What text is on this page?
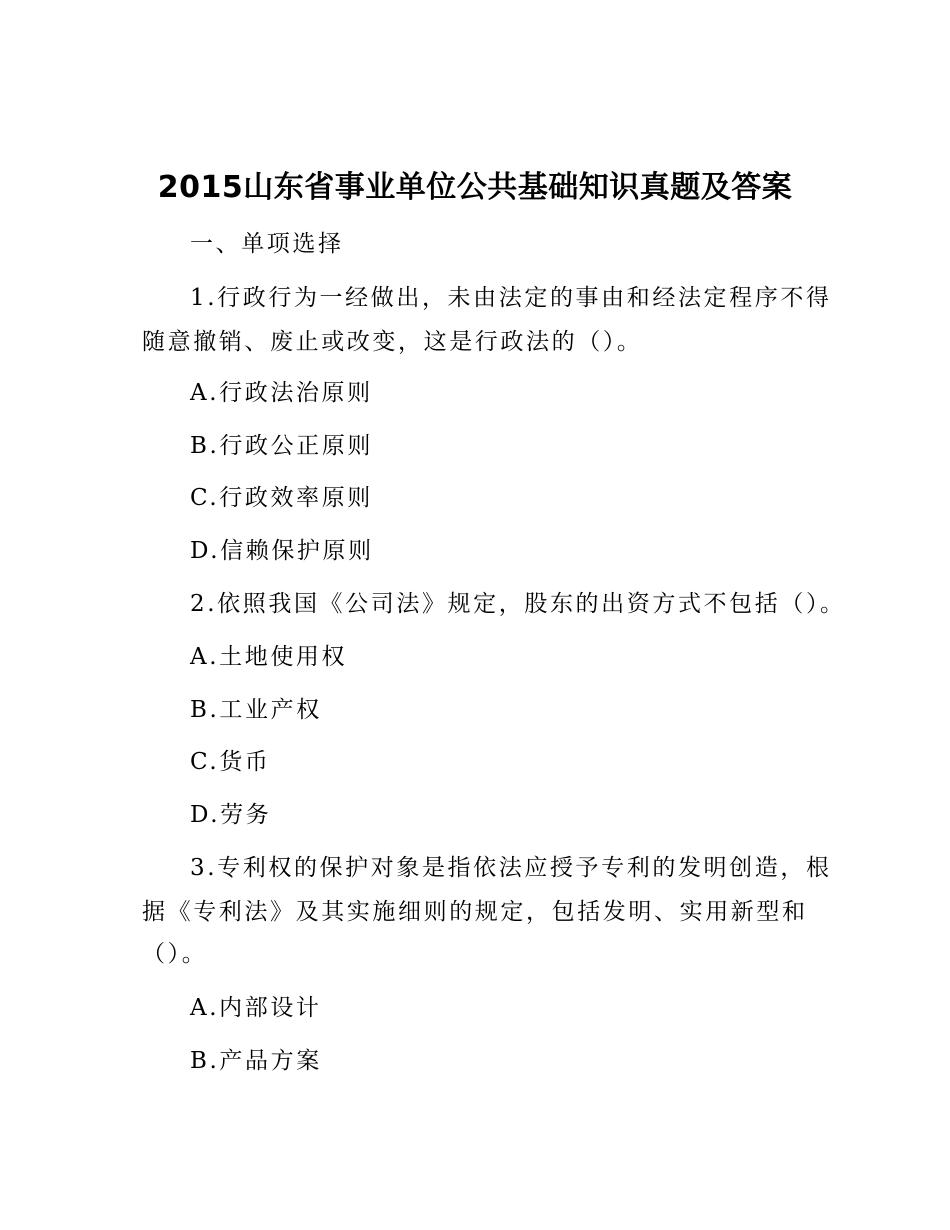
2015山东省事业单位公共基础知识真题及答案
一、单项选择
1.行政行为一经做出，未由法定的事由和经法定程序不得
随意撤销、废止或改变，这是行政法的（）。
A.行政法治原则
B.行政公正原则
C.行政效率原则
D.信赖保护原则
2.依照我国《公司法》规定，股东的出资方式不包括（）。
A.土地使用权
B.工业产权
C.货币
D.劳务
3.专利权的保护对象是指依法应授予专利的发明创造，根
据《专利法》及其实施细则的规定，包括发明、实用新型和
（）。
A.内部设计
B.产品方案
